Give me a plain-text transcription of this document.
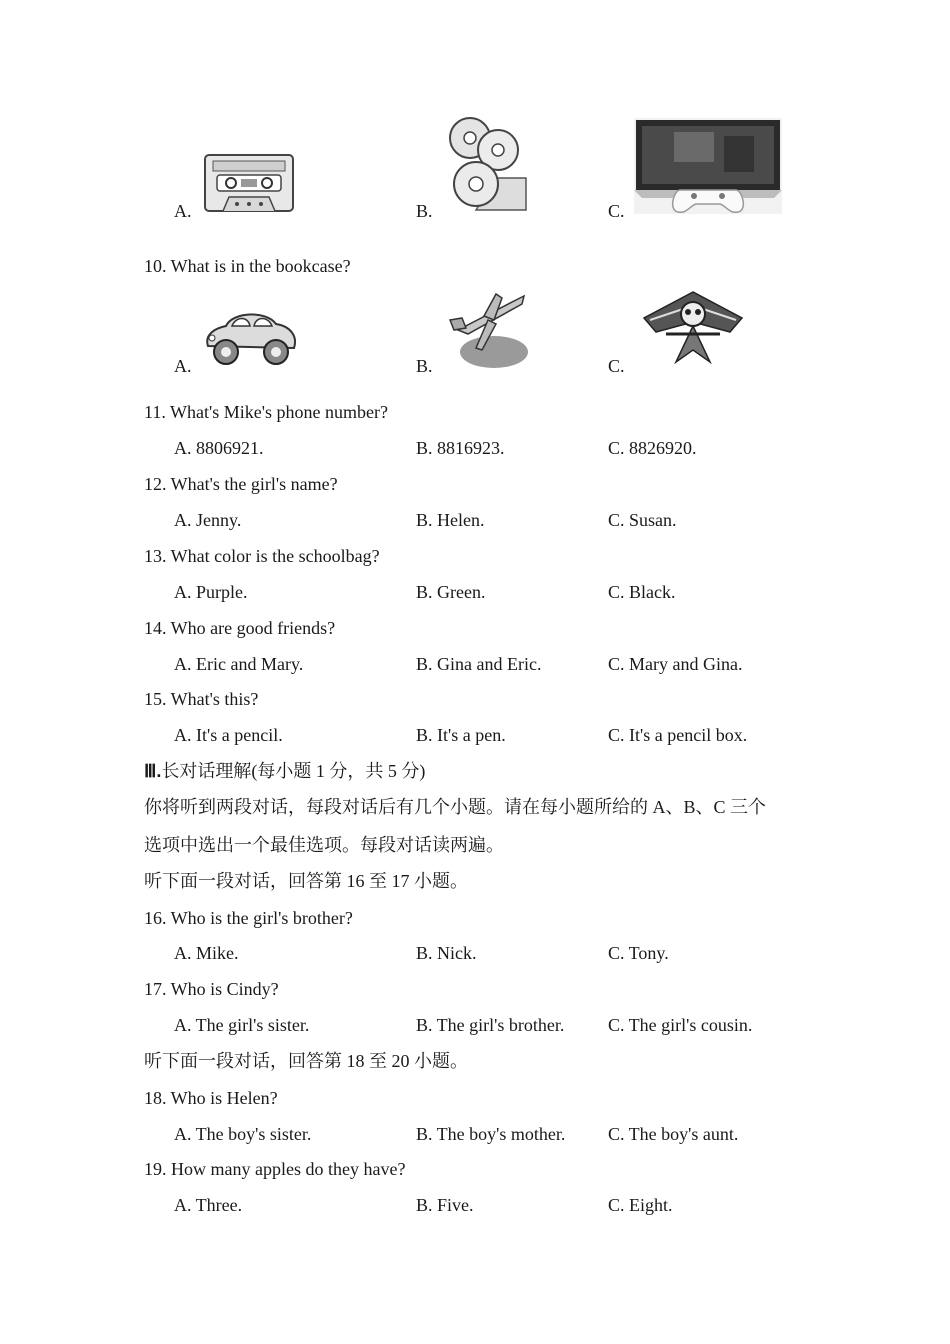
A.	B.	C.
10. What is in the bookcase?
A.	B.	C.
11. What's Mike's phone number?
A. 8806921.	B. 8816923.	C. 8826920.
12. What's the girl's name?
A. Jenny.	B. Helen.	C. Susan.
13. What color is the schoolbag?
A. Purple.	B. Green.	C. Black.
14. Who are good friends?
A. Eric and Mary.	B. Gina and Eric.	C. Mary and Gina.
15. What's this?
A. It's a pencil.	B. It's a pen.	C. It's a pencil box.
Ⅲ.长对话理解(每小题 1 分，共 5 分)
你将听到两段对话，每段对话后有几个小题。请在每小题所给的 A、B、C 三个
选项中选出一个最佳选项。每段对话读两遍。
听下面一段对话，回答第 16 至 17 小题。
16. Who is the girl's brother?
A. Mike.	B. Nick.	C. Tony.
17. Who is Cindy?
A. The girl's sister.	B. The girl's brother. C. The girl's cousin.
听下面一段对话，回答第 18 至 20 小题。
18. Who is Helen?
A. The boy's sister.	B. The boy's mother. C. The boy's aunt.
19. How many apples do they have?
A. Three.	B. Five.	C. Eight.
